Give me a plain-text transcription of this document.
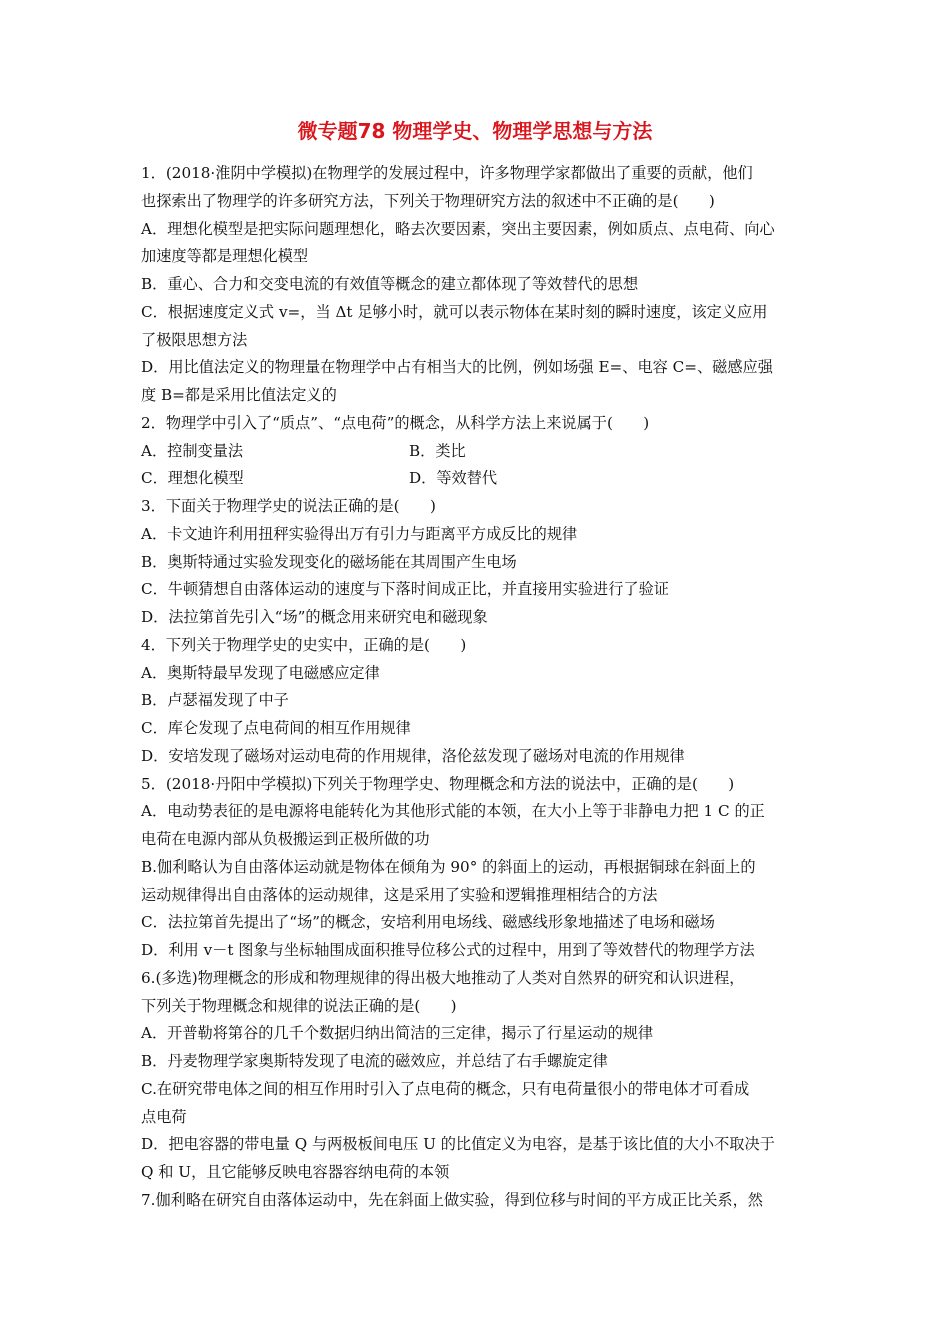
微专题78 物理学史、物理学思想与方法
1．(2018·淮阴中学模拟)在物理学的发展过程中，许多物理学家都做出了重要的贡献，他们
也探索出了物理学的许多研究方法，下列关于物理研究方法的叙述中不正确的是(　　)
A．理想化模型是把实际问题理想化，略去次要因素，突出主要因素，例如质点、点电荷、向心
加速度等都是理想化模型
B．重心、合力和交变电流的有效值等概念的建立都体现了等效替代的思想
C．根据速度定义式 v=，当 Δt 足够小时，就可以表示物体在某时刻的瞬时速度，该定义应用
了极限思想方法
D．用比值法定义的物理量在物理学中占有相当大的比例，例如场强 E=、电容 C=、磁感应强
度 B=都是采用比值法定义的
2．物理学中引入了“质点”、“点电荷”的概念，从科学方法上来说属于(　　)
A．控制变量法	B．类比
C．理想化模型	D．等效替代
3．下面关于物理学史的说法正确的是(　　)
A．卡文迪许利用扭秤实验得出万有引力与距离平方成反比的规律
B．奥斯特通过实验发现变化的磁场能在其周围产生电场
C．牛顿猜想自由落体运动的速度与下落时间成正比，并直接用实验进行了验证
D．法拉第首先引入“场”的概念用来研究电和磁现象
4．下列关于物理学史的史实中，正确的是(　　)
A．奥斯特最早发现了电磁感应定律
B．卢瑟福发现了中子
C．库仑发现了点电荷间的相互作用规律
D．安培发现了磁场对运动电荷的作用规律，洛伦兹发现了磁场对电流的作用规律
5．(2018·丹阳中学模拟)下列关于物理学史、物理概念和方法的说法中，正确的是(　　)
A．电动势表征的是电源将电能转化为其他形式能的本领，在大小上等于非静电力把 1 C 的正
电荷在电源内部从负极搬运到正极所做的功
B.伽利略认为自由落体运动就是物体在倾角为 90° 的斜面上的运动，再根据铜球在斜面上的
运动规律得出自由落体的运动规律，这是采用了实验和逻辑推理相结合的方法
C．法拉第首先提出了“场”的概念，安培利用电场线、磁感线形象地描述了电场和磁场
D．利用 v－t 图象与坐标轴围成面积推导位移公式的过程中，用到了等效替代的物理学方法
6.(多选)物理概念的形成和物理规律的得出极大地推动了人类对自然界的研究和认识进程，
下列关于物理概念和规律的说法正确的是(　　)
A．开普勒将第谷的几千个数据归纳出简洁的三定律，揭示了行星运动的规律
B．丹麦物理学家奥斯特发现了电流的磁效应，并总结了右手螺旋定律
C.在研究带电体之间的相互作用时引入了点电荷的概念，只有电荷量很小的带电体才可看成
点电荷
D．把电容器的带电量 Q 与两极板间电压 U 的比值定义为电容，是基于该比值的大小不取决于
Q 和 U，且它能够反映电容器容纳电荷的本领
7.伽利略在研究自由落体运动中，先在斜面上做实验，得到位移与时间的平方成正比关系，然
